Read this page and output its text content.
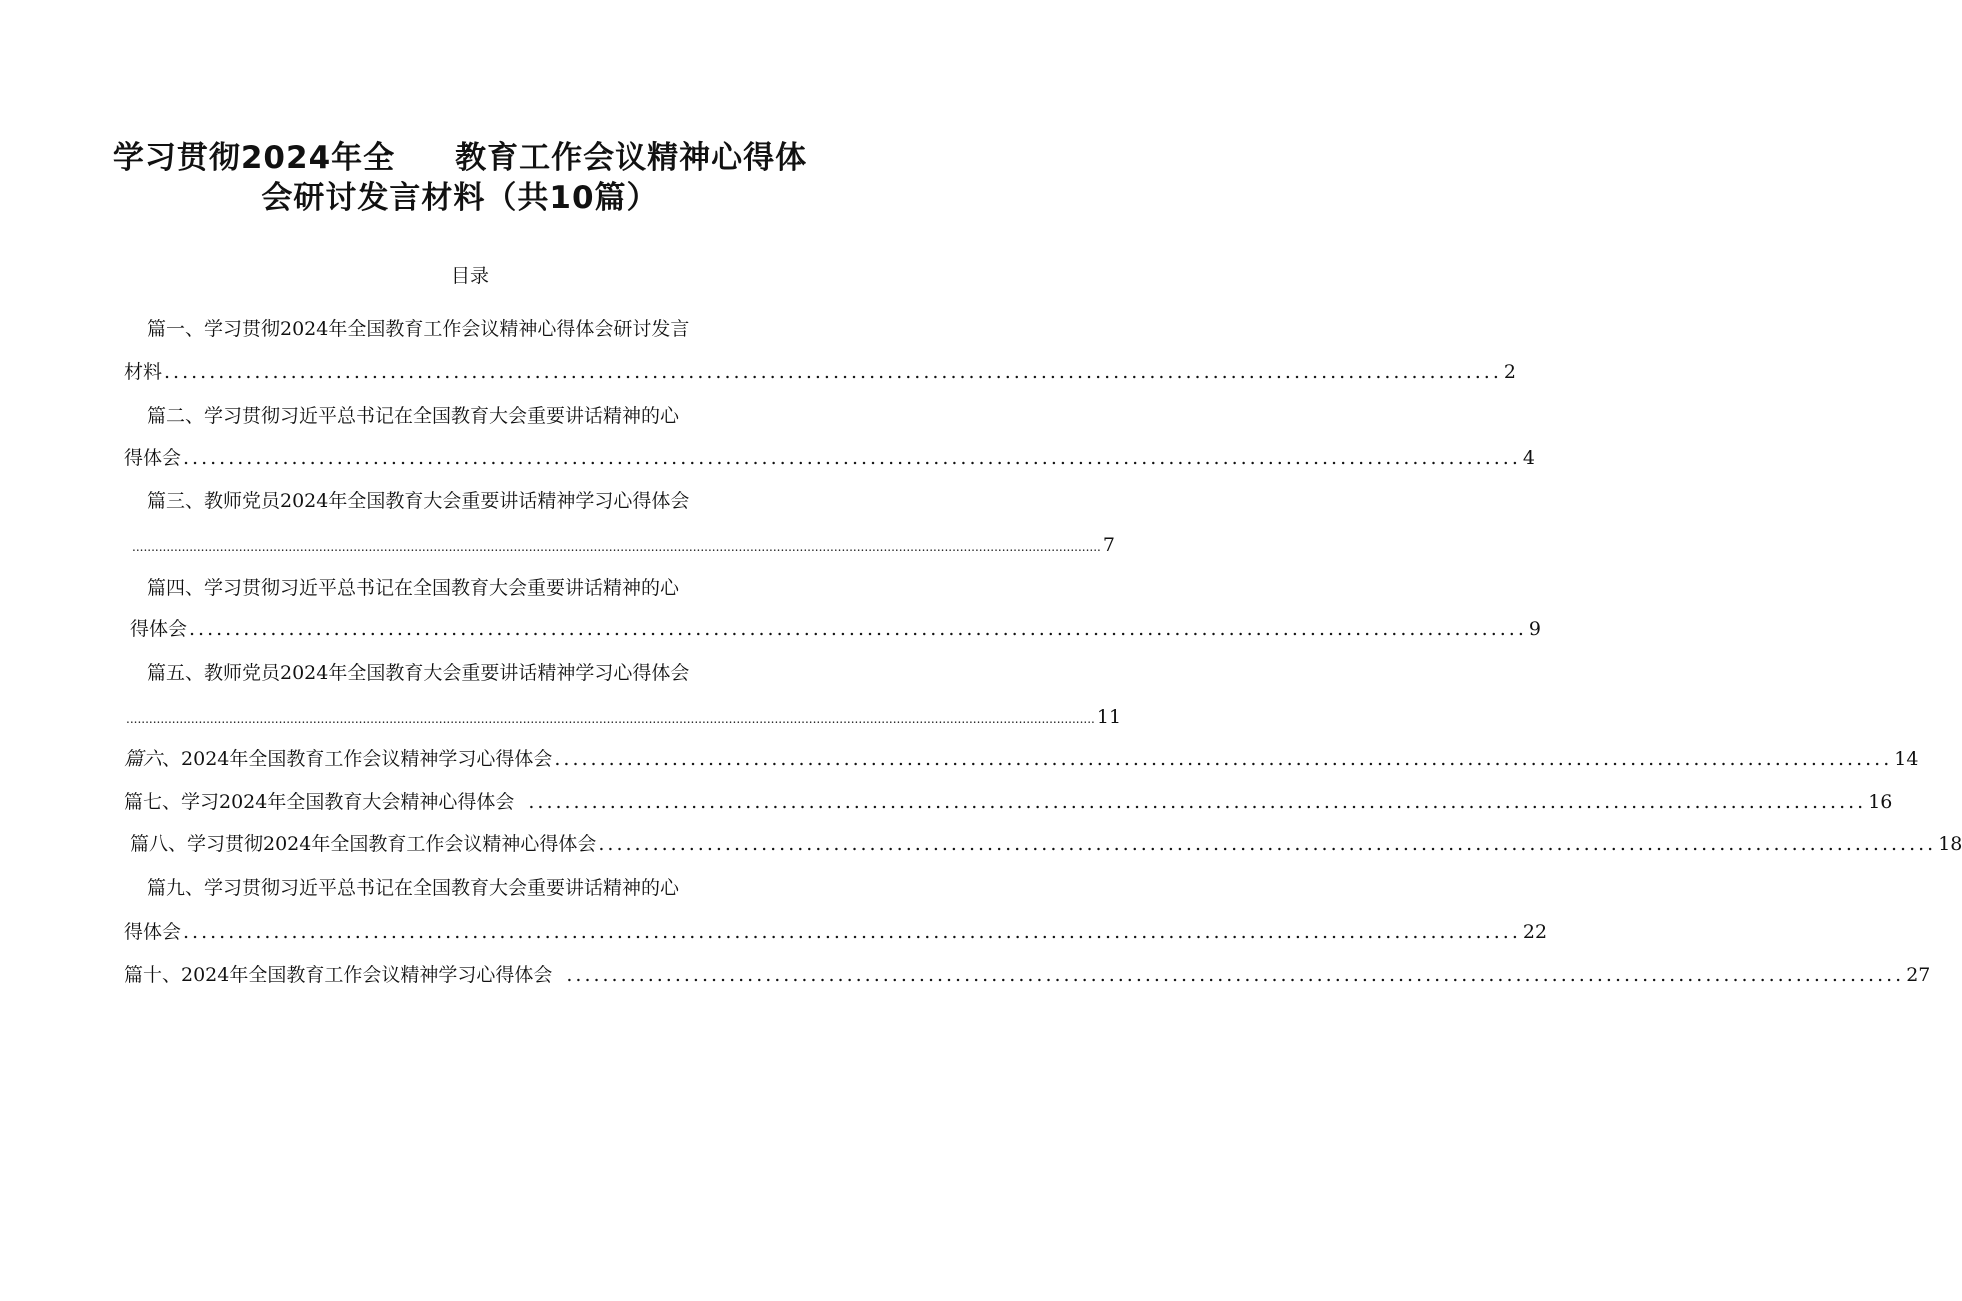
学习贯彻2024年全 教育工作会议精神心得体
会研讨发言材料（共10篇）
目录
篇一、学习贯彻2024年全国教育工作会议精神心得体会研讨发言
材料 .................................................................................................................................................... 2
篇二、学习贯彻习近平总书记在全国教育大会重要讲话精神的心
得体会 .................................................................................................................................................... 4
篇三、教师党员2024年全国教育大会重要讲话精神学习心得体会
.............................................................................................................................................................................................................................................................. 7
篇四、学习贯彻习近平总书记在全国教育大会重要讲话精神的心
得体会 .................................................................................................................................................... 9
篇五、教师党员2024年全国教育大会重要讲话精神学习心得体会
.............................................................................................................................................................................................................................................................. 11
篇六 、2024年全国教育工作会议精神学习心得体会 .................................................................................................................................................... 14
篇七、学习2024年全国教育大会精神心得体会 .................................................................................................................................................... 16
篇八、学习贯彻2024年全国教育工作会议精神心得体会 .................................................................................................................................................... 18
篇九、学习贯彻习近平总书记在全国教育大会重要讲话精神的心
得体会 .................................................................................................................................................... 22
篇十、2024年全国教育工作会议精神学习心得体会 .................................................................................................................................................... 27
